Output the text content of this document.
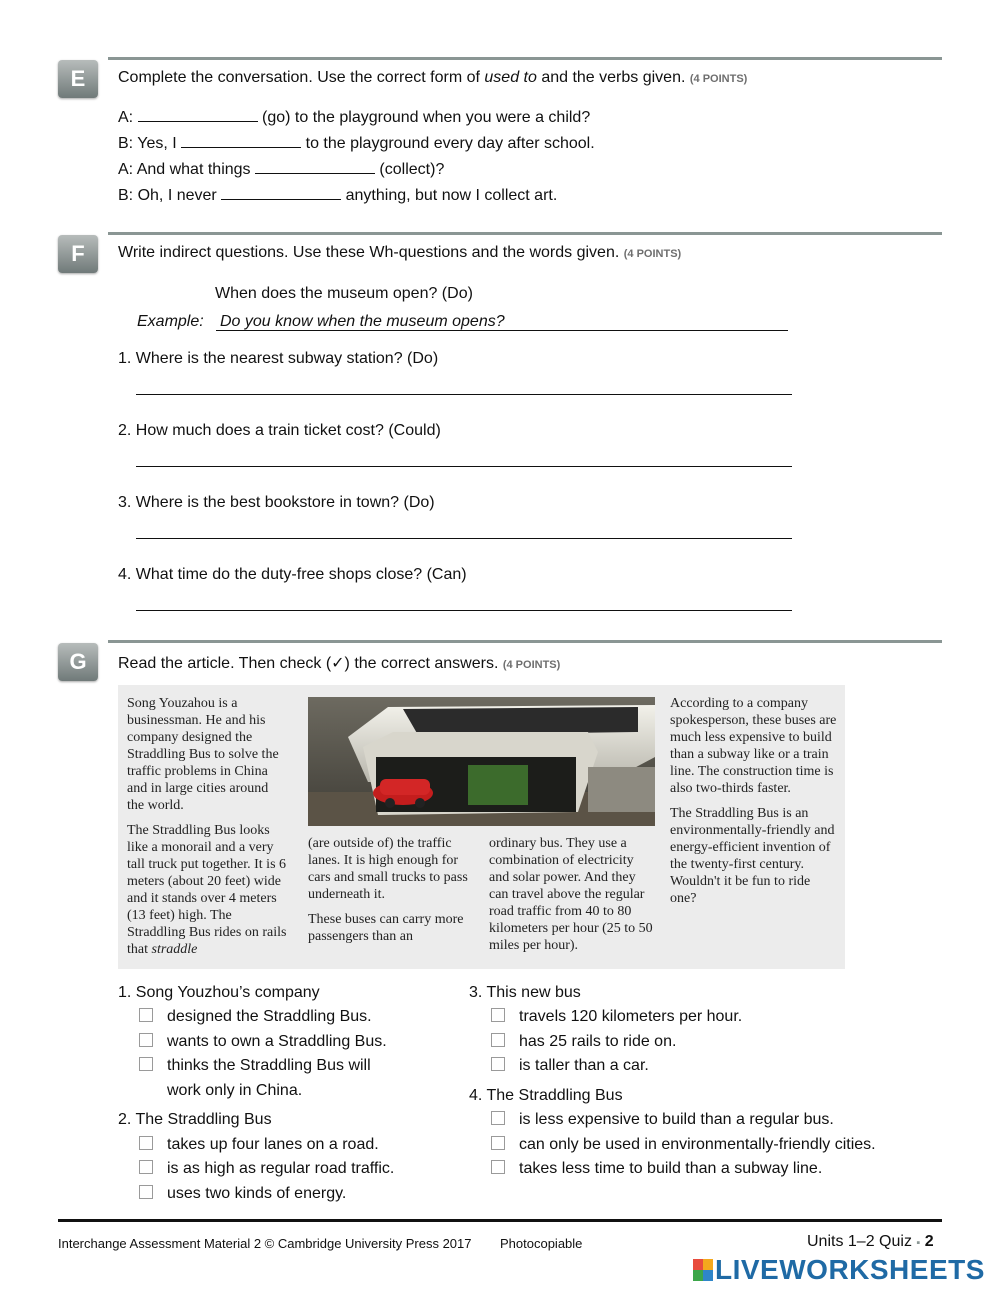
E	Complete the conversation. Use the correct form of used to and the verbs given. (4 POINTS)
A:	(go) to the playground when you were a child?
B: Yes, I	to the playground every day after school.
A: And what things	(collect)?
B: Oh, I never	anything, but now I collect art.
F	Write indirect questions. Use these Wh-questions and the words given. (4 POINTS)
When does the museum open? (Do)
Example: Do you know when the museum opens?
1. Where is the nearest subway station? (Do)
2. How much does a train ticket cost? (Could)
3. Where is the best bookstore in town? (Do)
4. What time do the duty-free shops close? (Can)
G	Read the article. Then check (✓) the correct answers. (4 POINTS)

Song Youzahou is a businessman. He and his company designed the Straddling Bus to solve the traffic problems in China and in large cities around the world.

The Straddling Bus looks like a monorail and a very tall truck put together. It is 6 meters (about 20 feet) wide and it stands over 4 meters (13 feet) high. The Straddling Bus rides on rails that straddle

(are outside of) the traffic lanes. It is high enough for cars and small trucks to pass underneath it.

These buses can carry more passengers than an

ordinary bus. They use a combination of electricity and solar power. And they can travel above the regular road traffic from 40 to 80 kilometers per hour (25 to 50 miles per hour).

According to a company spokesperson, these buses are much less expensive to build than a subway like or a train line. The construction time is also two-thirds faster.

The Straddling Bus is an environmentally-friendly and energy-efficient invention of the twenty-first century. Wouldn't it be fun to ride one?

1. Song Youzhou’s company
designed the Straddling Bus.
wants to own a Straddling Bus.
thinks the Straddling Bus will
work only in China.
2. The Straddling Bus
takes up four lanes on a road.
is as high as regular road traffic.
uses two kinds of energy.
3. This new bus
travels 120 kilometers per hour.
has 25 rails to ride on.
is taller than a car.
4. The Straddling Bus
is less expensive to build than a regular bus.
can only be used in environmentally-friendly cities.
takes less time to build than a subway line.
Interchange Assessment Material 2 © Cambridge University Press 2017 Photocopiable	Units 1–2 Quiz ▪ 2
LIVEWORKSHEETS
